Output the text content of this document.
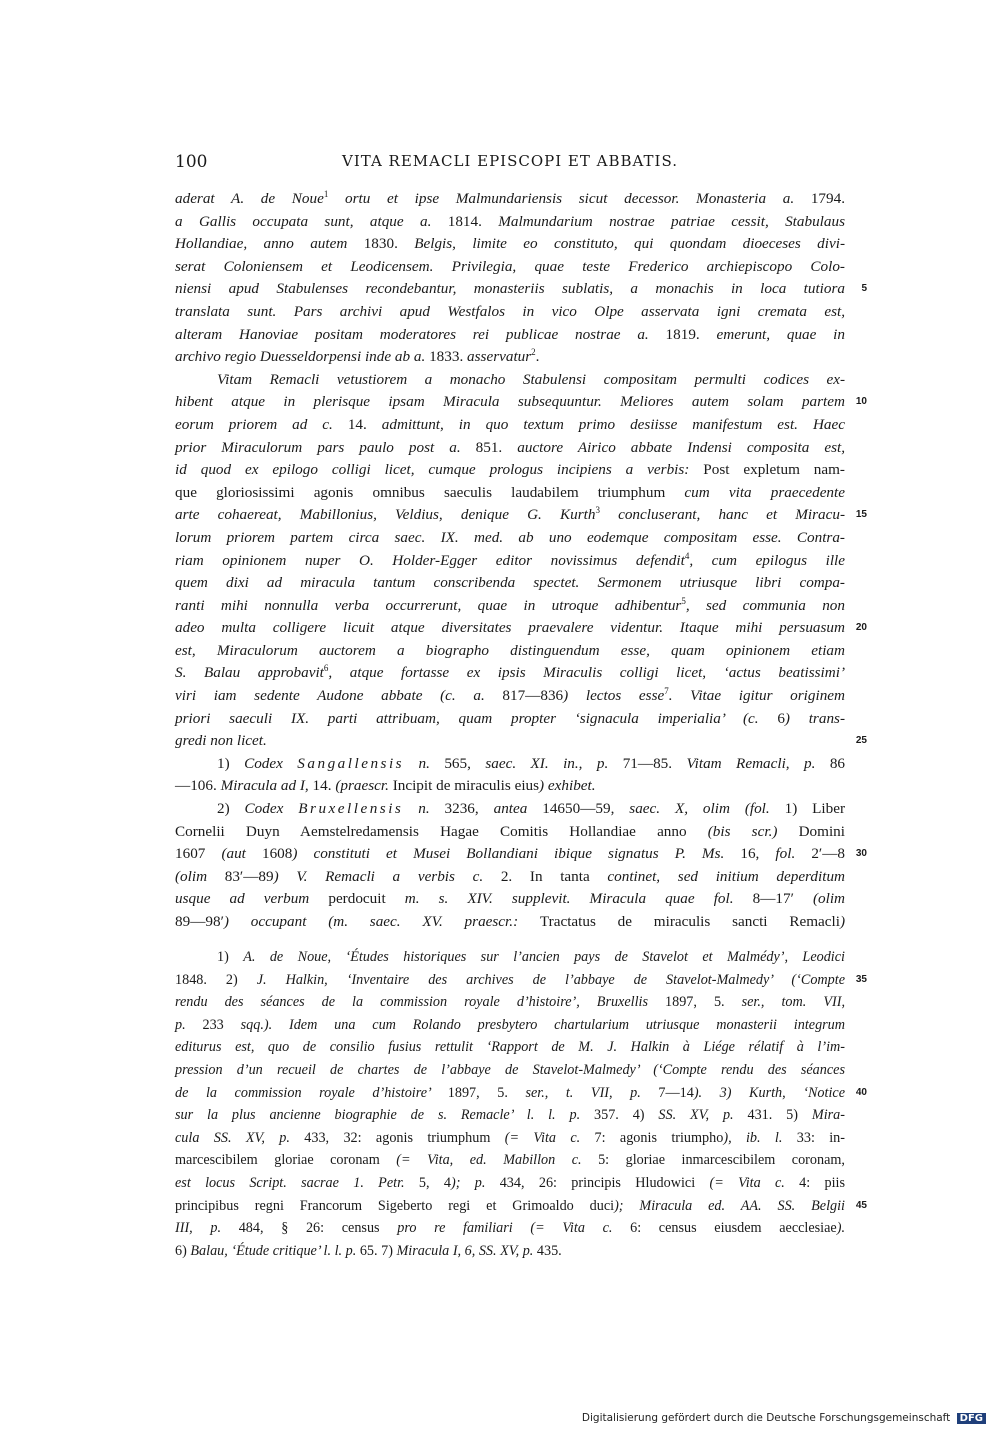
100	VITA REMACLI EPISCOPI ET ABBATIS.
aderat A. de Noue$^1$ ortu et ipse Malmundariensis sicut decessor. Monasteria a. 1794.
a Gallis occupata sunt, atque a. 1814. Malmundarium nostrae patriae cessit, Stabulaus
Hollandiae, anno autem 1830. Belgis, limite eo constituto, qui quondam dioeceses divi-
serat Coloniensem et Leodicensem. Privilegia, quae teste Frederico archiepiscopo Colo-
niensi apud Stabulenses recondebantur, monasteriis sublatis, a monachis in loca tutiora 5
translata sunt. Pars archivi apud Westfalos in vico Olpe asservata igni cremata est,
alteram Hanoviae positam moderatores rei publicae nostrae a. 1819. emerunt, quae in
archivo regio Duesseldorpensi inde ab a. 1833. asservatur$^2$.
Vitam Remacli vetustiorem a monacho Stabulensi compositam permulti codices ex-
hibent atque in plerisque ipsam Miracula subsequuntur. Meliores autem solam partem 10
eorum priorem ad c. 14. admittunt, in quo textum primo desiisse manifestum est. Haec
prior Miraculorum pars paulo post a. 851. auctore Airico abbate Indensi composita est,
id quod ex epilogo colligi licet, cumque prologus incipiens a verbis: Post expletum nam-
que gloriosissimi agonis omnibus saeculis laudabilem triumphum cum vita praecedente
arte cohaereat, Mabillonius, Veldius, denique G. Kurth$^3$ concluserant, hanc et Miracu- 15
lorum priorem partem circa saec. IX. med. ab uno eodemque compositam esse. Contra-
riam opinionem nuper O. Holder-Egger editor novissimus defendit$^4$, cum epilogus ille
quem dixi ad miracula tantum conscribenda spectet. Sermonem utriusque libri compa-
ranti mihi nonnulla verba occurrerunt, quae in utroque adhibentur$^5$, sed communia non
adeo multa colligere licuit atque diversitates praevalere videntur. Itaque mihi persuasum 20
est, Miraculorum auctorem a biographo distinguendum esse, quam opinionem etiam
S. Balau approbavit$^6$, atque fortasse ex ipsis Miraculis colligi licet, ‘actus beatissimi’
viri iam sedente Audone abbate (c. a. 817—836) lectos esse$^7$. Vitae igitur originem
priori saeculi IX. parti attribuam, quam propter ‘signacula imperialia’ (c. 6) trans-
gredi non licet.	25
1) Codex Sangallensis n. 565, saec. XI. in., p. 71—85. Vitam Remacli, p. 86
—106. Miracula ad I, 14. (praescr. Incipit de miraculis eius) exhibet.
2) Codex Bruxellensis n. 3236, antea 14650—59, saec. X, olim (fol. 1) Liber
Cornelii Duyn Aemstelredamensis Hagae Comitis Hollandiae anno (bis scr.) Domini
1607 (aut 1608) constituti et Musei Bollandiani ibique signatus P. Ms. 16, fol. 2′—8 30
(olim 83′—89) V. Remacli a verbis c. 2. In tanta continet, sed initium deperditum
usque ad verbum perdocuit m. s. XIV. supplevit. Miracula quae fol. 8—17′ (olim
89—98′) occupant (m. saec. XV. praescr.: Tractatus de miraculis sancti Remacli)
1) A. de Noue, ‘Études historiques sur l’ancien pays de Stavelot et Malmédy’, Leodici
1848. 2) J. Halkin, ‘Inventaire des archives de l’abbaye de Stavelot-Malmedy’ (‘Compte 35
rendu des séances de la commission royale d’histoire’, Bruxellis 1897, 5. ser., tom. VII,
p. 233 sqq.). Idem una cum Rolando presbytero chartularium utriusque monasterii integrum
editurus est, quo de consilio fusius rettulit ‘Rapport de M. J. Halkin à Liége rélatif à l’im-
pression d’un recueil de chartes de l’abbaye de Stavelot-Malmedy’ (‘Compte rendu des séances
de la commission royale d’histoire’ 1897, 5. ser., t. VII, p. 7—14). 3) Kurth, ‘Notice 40
sur la plus ancienne biographie de s. Remacle’ l. l. p. 357. 4) SS. XV, p. 431. 5) Mira-
cula SS. XV, p. 433, 32: agonis triumphum (= Vita c. 7: agonis triumpho), ib. l. 33: in-
marcescibilem gloriae coronam (= Vita, ed. Mabillon c. 5: gloriae inmarcescibilem coronam,
est locus Script. sacrae 1. Petr. 5, 4); p. 434, 26: principis Hludowici (= Vita c. 4: piis
principibus regni Francorum Sigeberto regi et Grimoaldo duci); Miracula ed. AA. SS. Belgii 45
III, p. 484, § 26: census pro re familiari (= Vita c. 6: census eiusdem aecclesiae).
6) Balau, ‘Étude critique’ l. l. p. 65. 7) Miracula I, 6, SS. XV, p. 435.
Digitalisierung gefördert durch die Deutsche Forschungsgemeinschaft DFG
